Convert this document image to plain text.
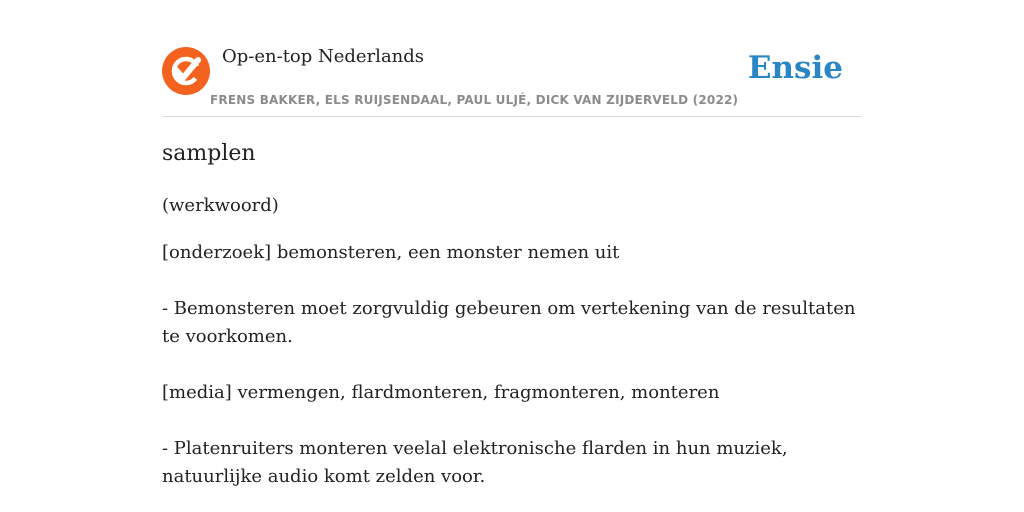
Op-en-top Nederlands
FRENS BAKKER, ELS RUIJSENDAAL, PAUL ULJÉ, DICK VAN ZIJDERVELD (2022)
Ensie
samplen
(werkwoord)
[onderzoek] bemonsteren, een monster nemen uit
- Bemonsteren moet zorgvuldig gebeuren om vertekening van de resultaten te voorkomen.
[media] vermengen, flardmonteren, fragmonteren, monteren
- Platenruiters monteren veelal elektronische flarden in hun muziek, natuurlijke audio komt zelden voor.
